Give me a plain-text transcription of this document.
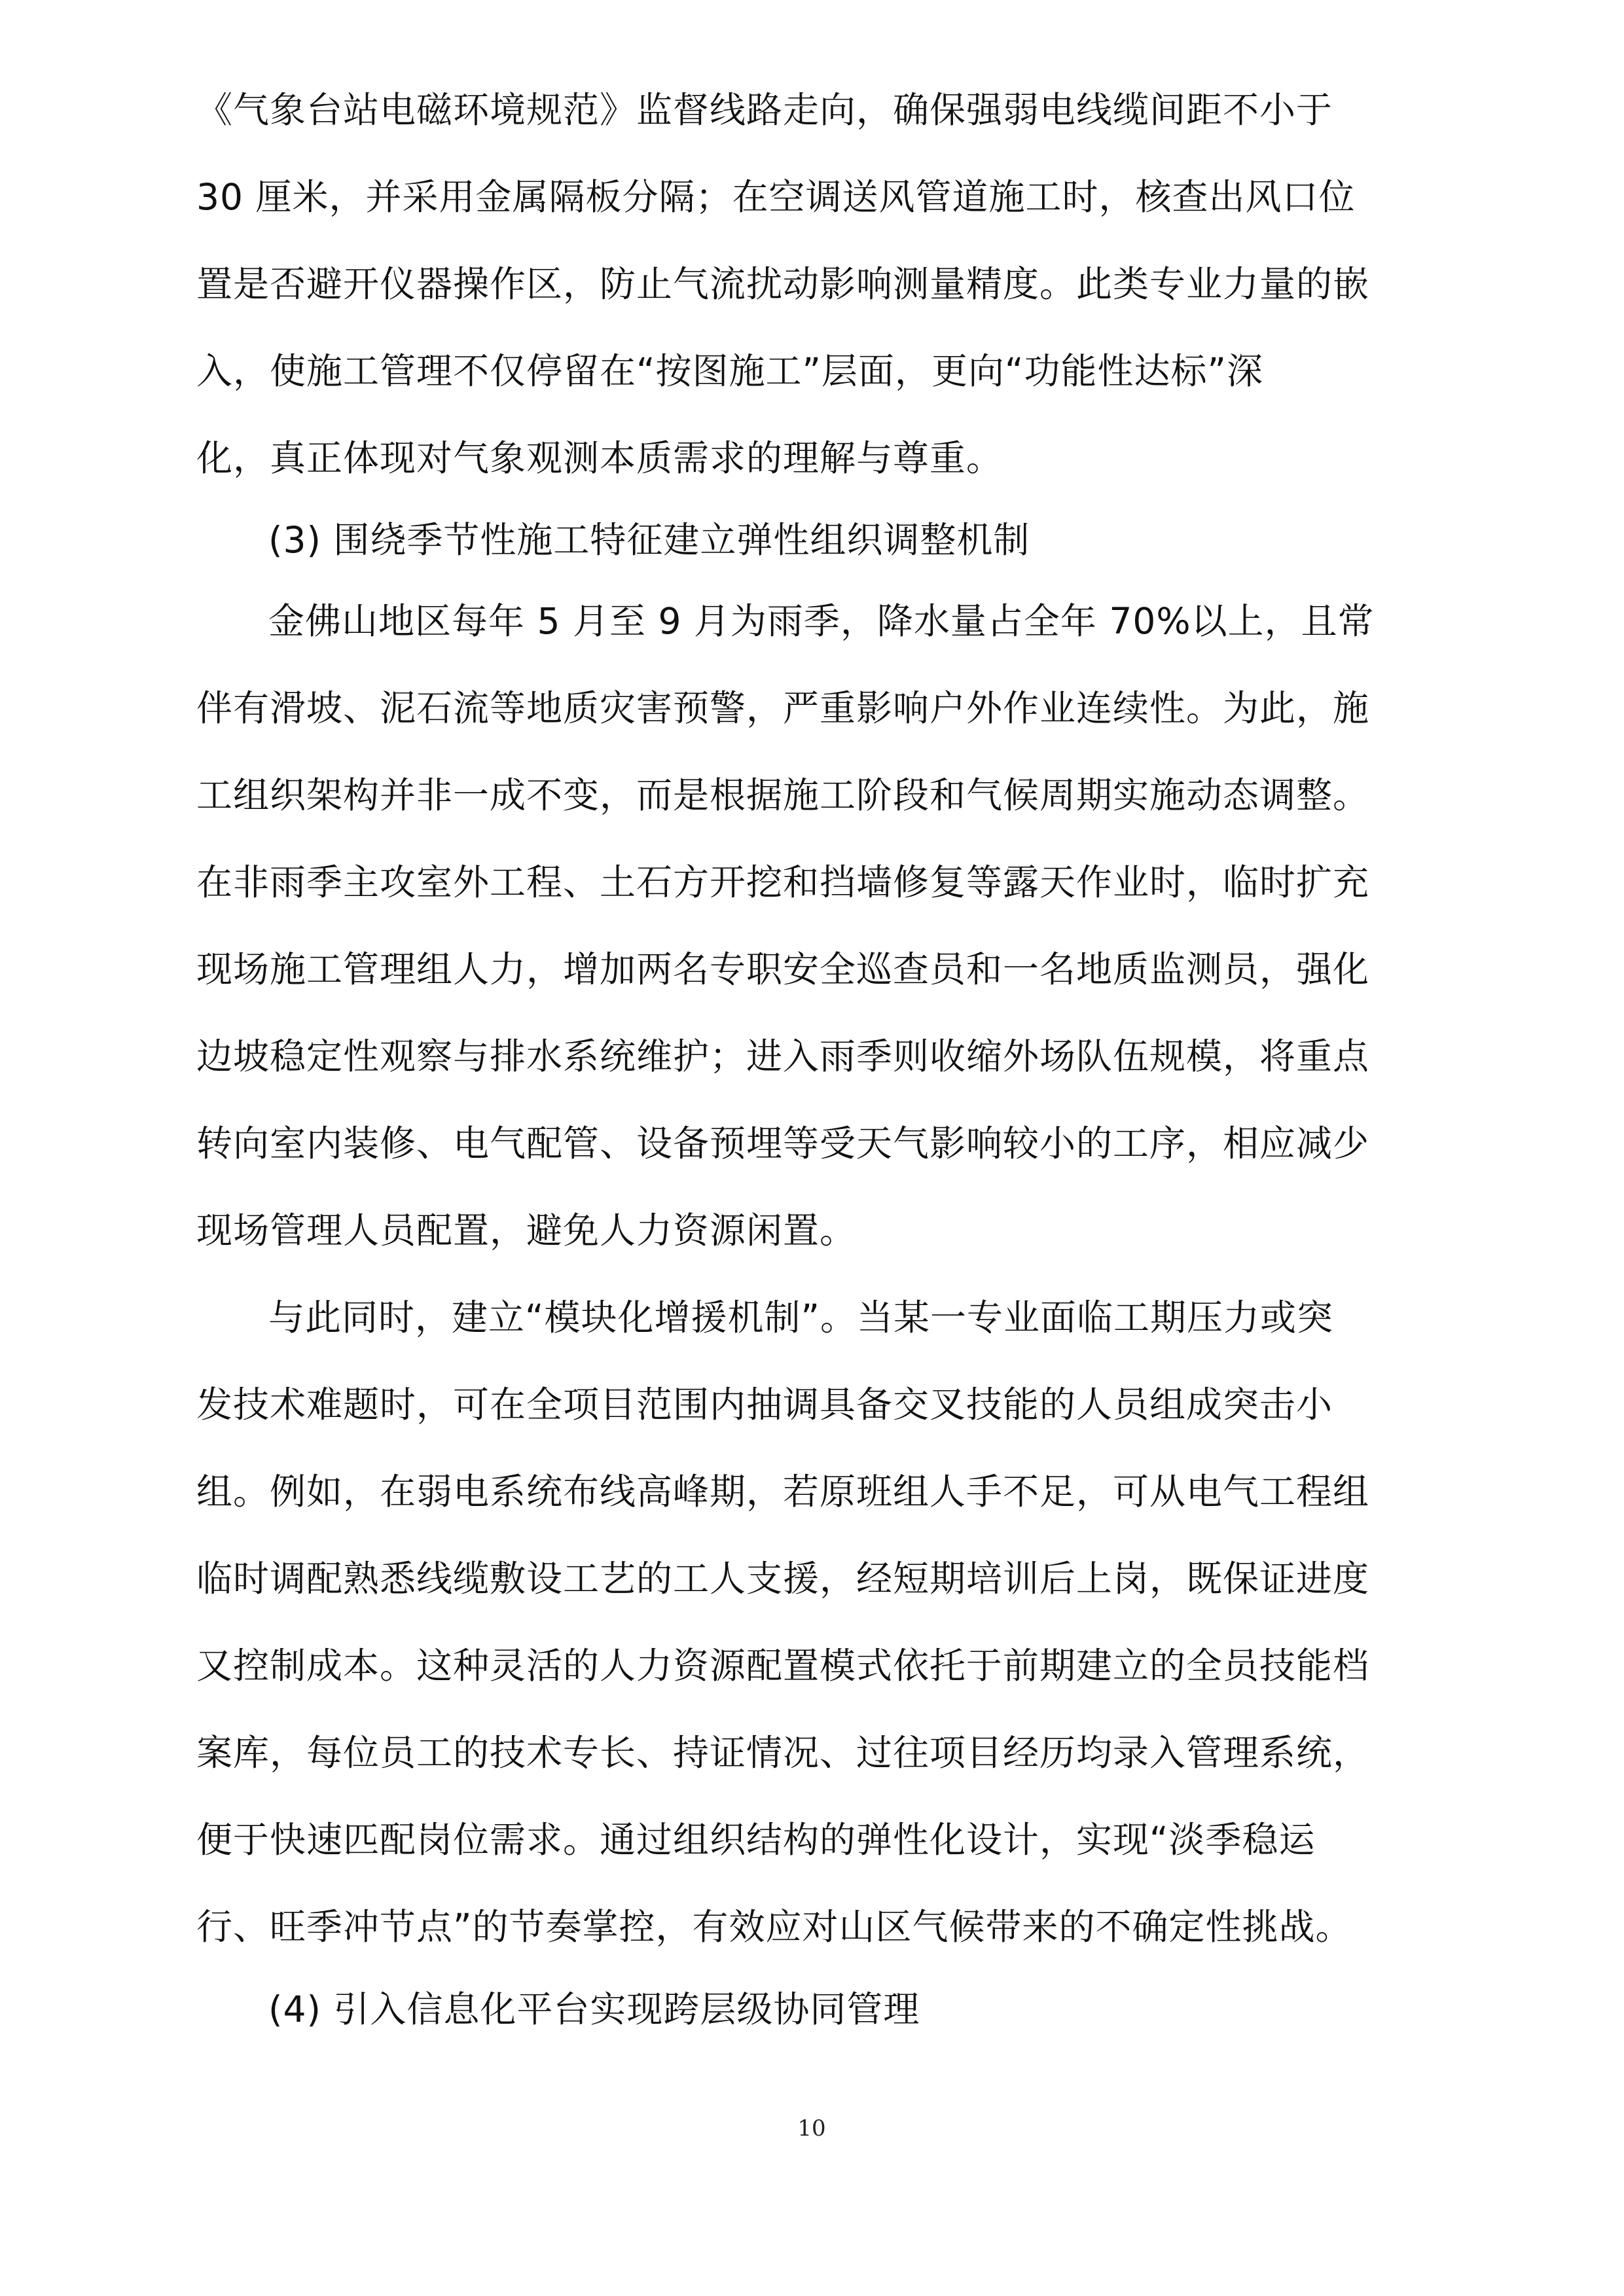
《气象台站电磁环境规范》监督线路走向，确保强弱电线缆间距不小于

30 厘米，并采用金属隔板分隔；在空调送风管道施工时，核查出风口位

置是否避开仪器操作区，防止气流扰动影响测量精度。此类专业力量的嵌

入，使施工管理不仅停留在“按图施工”层面，更向“功能性达标”深

化，真正体现对气象观测本质需求的理解与尊重。

(3) 围绕季节性施工特征建立弹性组织调整机制

金佛山地区每年 5 月至 9 月为雨季，降水量占全年 70%以上，且常

伴有滑坡、泥石流等地质灾害预警，严重影响户外作业连续性。为此，施

工组织架构并非一成不变，而是根据施工阶段和气候周期实施动态调整。

在非雨季主攻室外工程、土石方开挖和挡墙修复等露天作业时，临时扩充

现场施工管理组人力，增加两名专职安全巡查员和一名地质监测员，强化

边坡稳定性观察与排水系统维护；进入雨季则收缩外场队伍规模，将重点

转向室内装修、电气配管、设备预埋等受天气影响较小的工序，相应减少

现场管理人员配置，避免人力资源闲置。

与此同时，建立“模块化增援机制”。当某一专业面临工期压力或突

发技术难题时，可在全项目范围内抽调具备交叉技能的人员组成突击小

组。例如，在弱电系统布线高峰期，若原班组人手不足，可从电气工程组

临时调配熟悉线缆敷设工艺的工人支援，经短期培训后上岗，既保证进度

又控制成本。这种灵活的人力资源配置模式依托于前期建立的全员技能档

案库，每位员工的技术专长、持证情况、过往项目经历均录入管理系统，

便于快速匹配岗位需求。通过组织结构的弹性化设计，实现“淡季稳运

行、旺季冲节点”的节奏掌控，有效应对山区气候带来的不确定性挑战。

(4) 引入信息化平台实现跨层级协同管理

10
